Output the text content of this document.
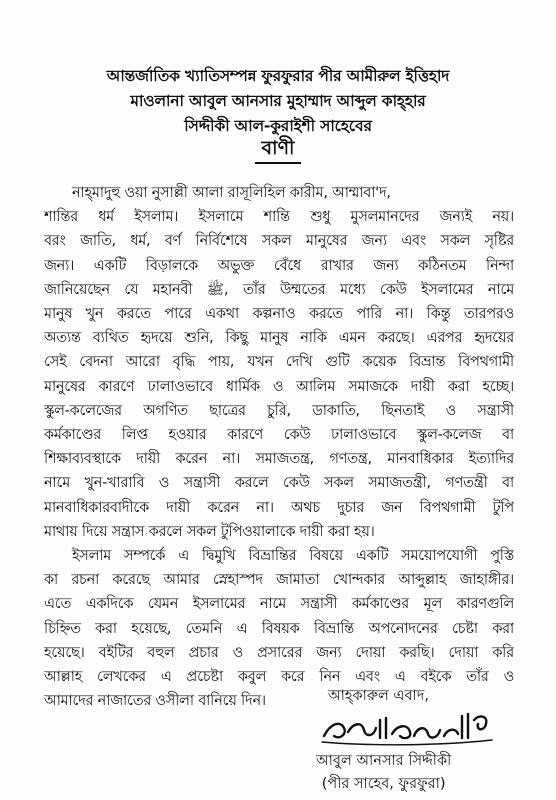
আন্তর্জাতিক খ্যাতিসম্পন্ন ফুরফুরার পীর আমীরুল ইত্তিহাদ
মাওলানা আবুল আনসার মুহাম্মাদ আব্দুল কাহ্‌হার
সিদ্দীকী আল-কুরাইশী সাহেবের
বাণী
নাহ্‌মাদুহু ওয়া নুসাল্লী আলা রাসূলিহিল কারীম, আম্মাবা'দ,
শান্তির ধর্ম ইসলাম। ইসলামে শান্তি শুধু মুসলমানদের জন্যই নয়।
বরং জাতি, ধর্ম, বর্ণ নির্বিশেষে সকল মানুষের জন্য এবং সকল সৃষ্টির
জন্য। একটি বিড়ালকে অভুক্ত বেঁধে রাখার জন্য কঠিনতম নিন্দা
জানিয়েছেন যে মহানবী ﷺ, তাঁর উম্মতের মধ্যে কেউ ইসলামের নামে
মানুষ খুন করতে পারে একথা কল্পনাও করতে পারি না। কিন্তু তারপরও
অত্যন্ত ব্যথিত হৃদয়ে শুনি, কিছু মানুষ নাকি এমন করছে। এরপর হৃদয়ের
সেই বেদনা আরো বৃদ্ধি পায়, যখন দেখি গুটি কয়েক বিভ্রান্ত বিপথগামী
মানুষের কারণে ঢালাওভাবে ধার্মিক ও আলিম সমাজকে দায়ী করা হচ্ছে।
স্কুল-কলেজের অগণিত ছাত্রের চুরি, ডাকাতি, ছিনতাই ও সন্ত্রাসী
কর্মকাণ্ডের লিপ্ত হওয়ার কারণে কেউ ঢালাওভাবে স্কুল-কলেজ বা
শিক্ষাব্যবস্থাকে দায়ী করেন না। সমাজতন্ত্র, গণতন্ত্র, মানবাধিকার ইত্যাদির
নামে খুন-খারাবি ও সন্ত্রাসী করলে কেউ সকল সমাজতন্ত্রী, গণতন্ত্রী বা
মানবাধিকারবাদীকে দায়ী করেন না। অথচ দুচার জন বিপথগামী টুপি
মাথায় দিয়ে সন্ত্রাস করলে সকল টুপিওয়ালাকে দায়ী করা হয়।
ইসলাম সম্পর্কে এ দ্বিমুখি বিভ্রান্তির বিষয়ে একটি সময়োপযোগী পুস্তি
কা রচনা করেছে আমার স্নেহাস্পদ জামাতা খোন্দকার আব্দুল্লাহ জাহাঙ্গীর।
এতে একদিকে যেমন ইসলামের নামে সন্ত্রাসী কর্মকাণ্ডের মূল কারণগুলি
চিহ্নিত করা হয়েছে, তেমনি এ বিষয়ক বিভ্রান্তি অপনোদনের চেষ্টা করা
হয়েছে। বইটির বহুল প্রচার ও প্রসারের জন্য দোয়া করছি। দোয়া করি
আল্লাহ লেখকের এ প্রচেষ্টা কবুল করে নিন এবং এ বইকে তাঁর ও
আমাদের নাজাতের ওসীলা বানিয়ে দিন।	আহ্‌কারুল এবাদ,
আবুল আনসার সিদ্দীকী
(পীর সাহেব, ফুরফুরা)
